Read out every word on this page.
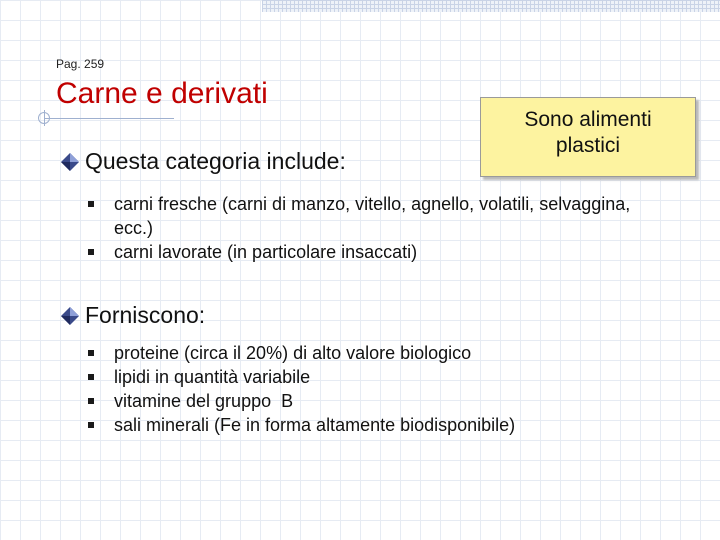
Pag. 259
Carne e derivati
Sono alimenti plastici
Questa categoria include:
carni fresche (carni di manzo, vitello, agnello, volatili, selvaggina, ecc.)
carni lavorate (in particolare insaccati)
Forniscono:
proteine (circa il 20%) di alto valore biologico
lipidi in quantità variabile
vitamine del gruppo  B
sali minerali (Fe in forma altamente biodisponibile)
